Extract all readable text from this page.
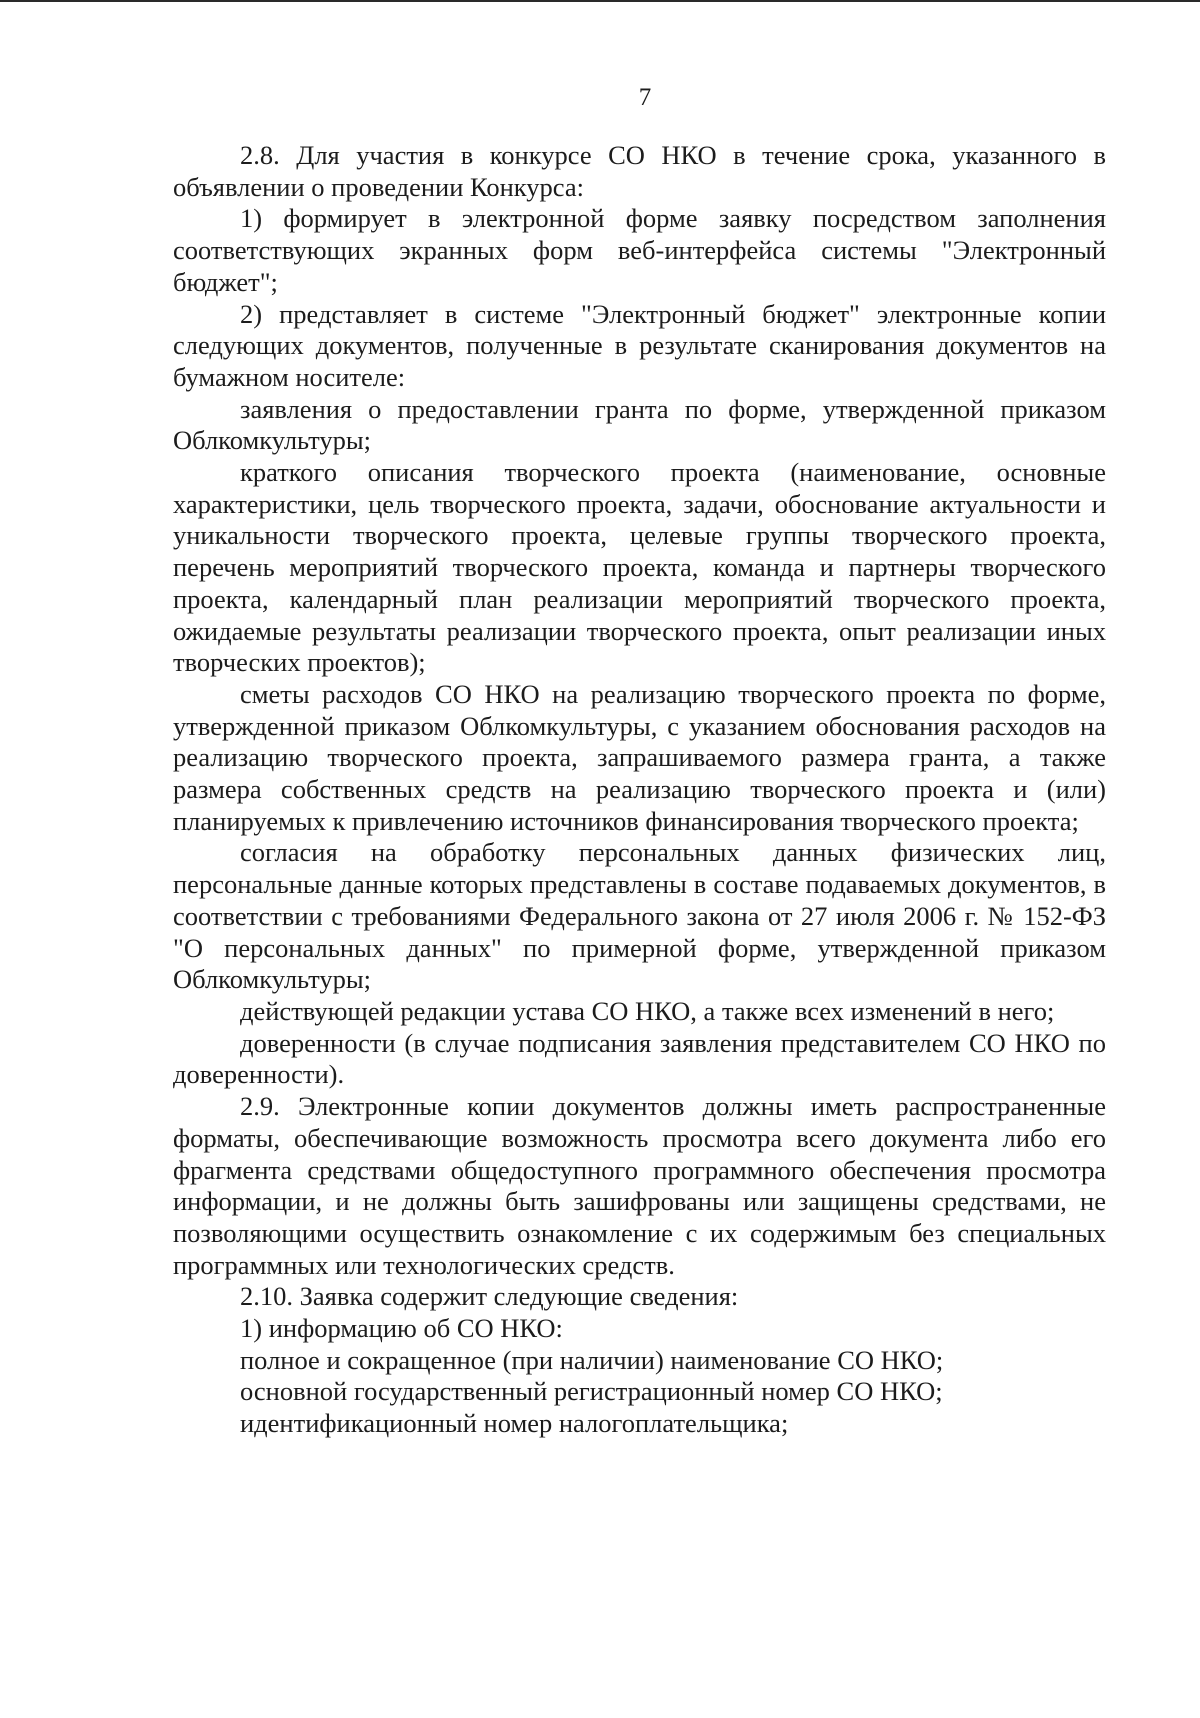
7

2.8. Для участия в конкурсе СО НКО в течение срока, указанного в объявлении о проведении Конкурса:

1) формирует в электронной форме заявку посредством заполнения соответствующих экранных форм веб-интерфейса системы "Электронный бюджет";

2) представляет в системе "Электронный бюджет" электронные копии следующих документов, полученные в результате сканирования документов на бумажном носителе:

заявления о предоставлении гранта по форме, утвержденной приказом Облкомкультуры;

краткого описания творческого проекта (наименование, основные характеристики, цель творческого проекта, задачи, обоснование актуальности и уникальности творческого проекта, целевые группы творческого проекта, перечень мероприятий творческого проекта, команда и партнеры творческого проекта, календарный план реализации мероприятий творческого проекта, ожидаемые результаты реализации творческого проекта, опыт реализации иных творческих проектов);

сметы расходов СО НКО на реализацию творческого проекта по форме, утвержденной приказом Облкомкультуры, с указанием обоснования расходов на реализацию творческого проекта, запрашиваемого размера гранта, а также размера собственных средств на реализацию творческого проекта и (или) планируемых к привлечению источников финансирования творческого проекта;

согласия на обработку персональных данных физических лиц, персональные данные которых представлены в составе подаваемых документов, в соответствии с требованиями Федерального закона от 27 июля 2006 г. № 152-ФЗ "О персональных данных" по примерной форме, утвержденной приказом Облкомкультуры;

действующей редакции устава СО НКО, а также всех изменений в него;

доверенности (в случае подписания заявления представителем СО НКО по доверенности).

2.9. Электронные копии документов должны иметь распространенные форматы, обеспечивающие возможность просмотра всего документа либо его фрагмента средствами общедоступного программного обеспечения просмотра информации, и не должны быть зашифрованы или защищены средствами, не позволяющими осуществить ознакомление с их содержимым без специальных программных или технологических средств.

2.10. Заявка содержит следующие сведения:

1) информацию об СО НКО:

полное и сокращенное (при наличии) наименование СО НКО;

основной государственный регистрационный номер СО НКО;

идентификационный номер налогоплательщика;
